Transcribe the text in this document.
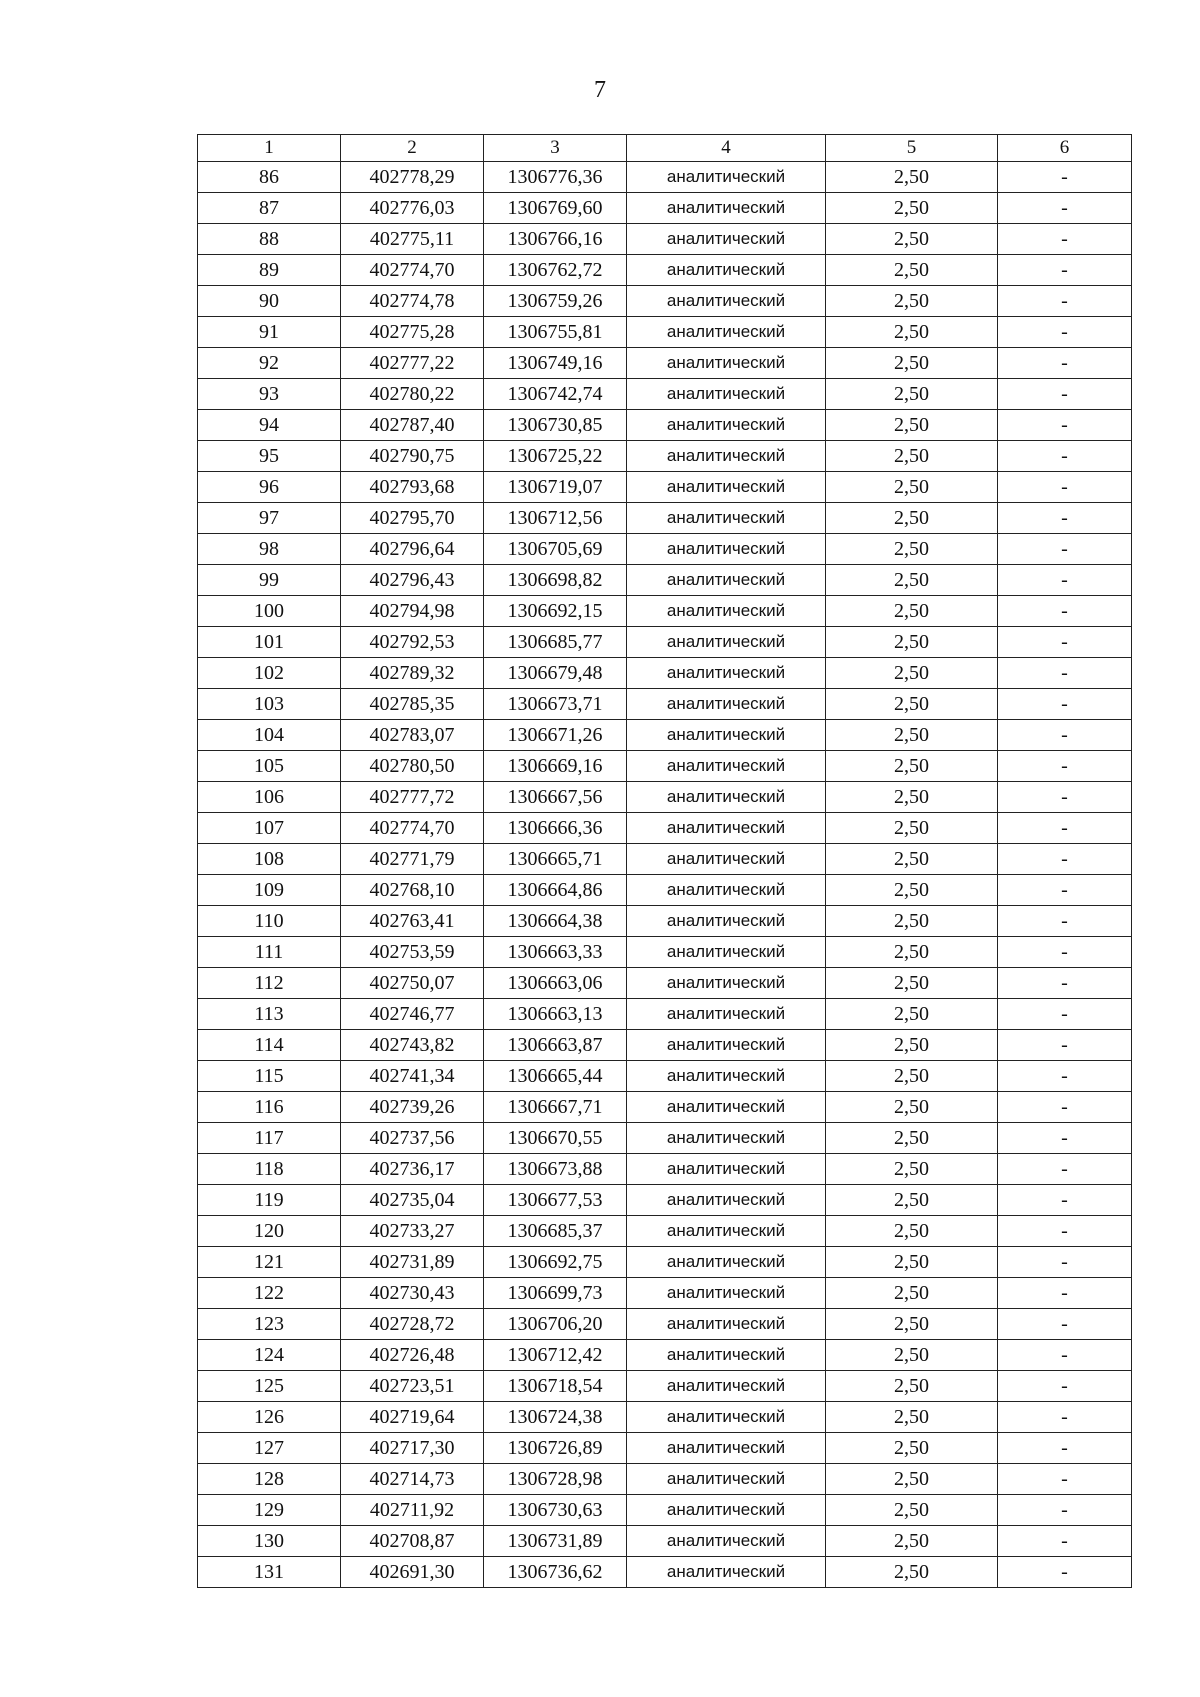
7
1	2	3	4	5	6
86	402778,29	1306776,36	аналитический	2,50	-
87	402776,03	1306769,60	аналитический	2,50	-
88	402775,11	1306766,16	аналитический	2,50	-
89	402774,70	1306762,72	аналитический	2,50	-
90	402774,78	1306759,26	аналитический	2,50	-
91	402775,28	1306755,81	аналитический	2,50	-
92	402777,22	1306749,16	аналитический	2,50	-
93	402780,22	1306742,74	аналитический	2,50	-
94	402787,40	1306730,85	аналитический	2,50	-
95	402790,75	1306725,22	аналитический	2,50	-
96	402793,68	1306719,07	аналитический	2,50	-
97	402795,70	1306712,56	аналитический	2,50	-
98	402796,64	1306705,69	аналитический	2,50	-
99	402796,43	1306698,82	аналитический	2,50	-
100	402794,98	1306692,15	аналитический	2,50	-
101	402792,53	1306685,77	аналитический	2,50	-
102	402789,32	1306679,48	аналитический	2,50	-
103	402785,35	1306673,71	аналитический	2,50	-
104	402783,07	1306671,26	аналитический	2,50	-
105	402780,50	1306669,16	аналитический	2,50	-
106	402777,72	1306667,56	аналитический	2,50	-
107	402774,70	1306666,36	аналитический	2,50	-
108	402771,79	1306665,71	аналитический	2,50	-
109	402768,10	1306664,86	аналитический	2,50	-
110	402763,41	1306664,38	аналитический	2,50	-
111	402753,59	1306663,33	аналитический	2,50	-
112	402750,07	1306663,06	аналитический	2,50	-
113	402746,77	1306663,13	аналитический	2,50	-
114	402743,82	1306663,87	аналитический	2,50	-
115	402741,34	1306665,44	аналитический	2,50	-
116	402739,26	1306667,71	аналитический	2,50	-
117	402737,56	1306670,55	аналитический	2,50	-
118	402736,17	1306673,88	аналитический	2,50	-
119	402735,04	1306677,53	аналитический	2,50	-
120	402733,27	1306685,37	аналитический	2,50	-
121	402731,89	1306692,75	аналитический	2,50	-
122	402730,43	1306699,73	аналитический	2,50	-
123	402728,72	1306706,20	аналитический	2,50	-
124	402726,48	1306712,42	аналитический	2,50	-
125	402723,51	1306718,54	аналитический	2,50	-
126	402719,64	1306724,38	аналитический	2,50	-
127	402717,30	1306726,89	аналитический	2,50	-
128	402714,73	1306728,98	аналитический	2,50	-
129	402711,92	1306730,63	аналитический	2,50	-
130	402708,87	1306731,89	аналитический	2,50	-
131	402691,30	1306736,62	аналитический	2,50	-
